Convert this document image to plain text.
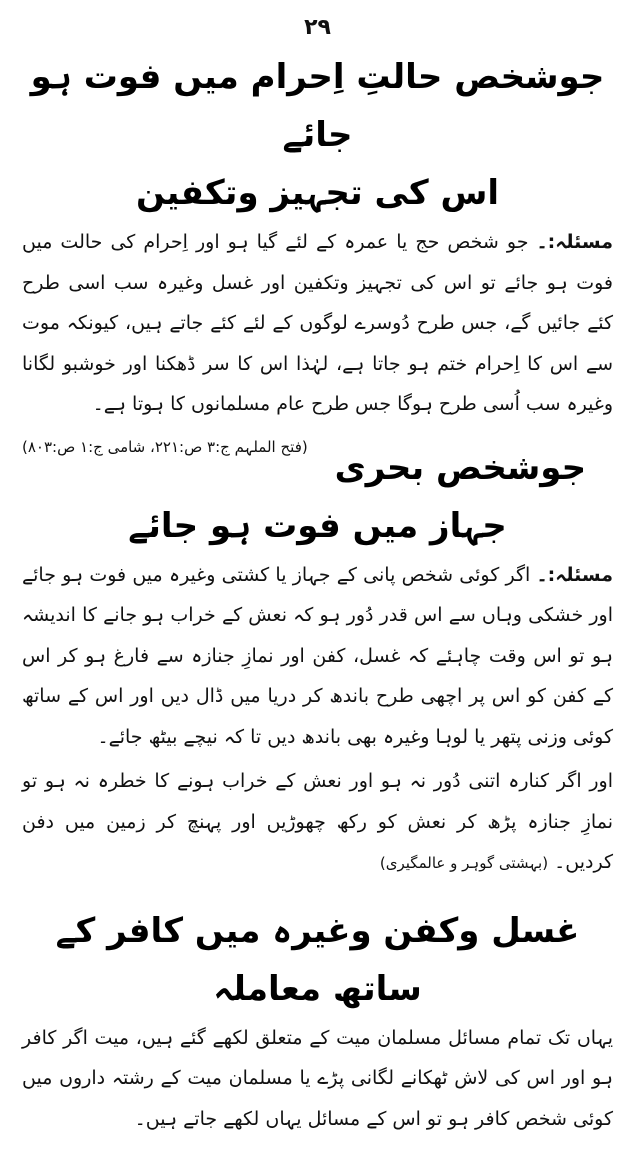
۲۹
جوشخص حالتِ اِحرام میں فوت ہو جائے
اس کی تجہیز وتکفین

مسئلہ:۔ جو شخص حج یا عمرہ کے لئے گیا ہو اور اِحرام کی حالت میں فوت ہو جائے تو اس کی تجہیز وتکفین اور غسل وغیرہ سب اسی طرح کئے جائیں گے، جس طرح دُوسرے لوگوں کے لئے کئے جاتے ہیں، کیونکہ موت سے اس کا اِحرام ختم ہو جاتا ہے، لہٰذا اس کا سر ڈھکنا اور خوشبو لگانا وغیرہ سب اُسی طرح ہوگا جس طرح عام مسلمانوں کا ہوتا ہے۔
(فتح الملہم ج:۳ ص:۲۲۱، شامی ج:۱ ص:۸۰۳)

جوشخص بحری جہاز میں فوت ہو جائے

مسئلہ:۔ اگر کوئی شخص پانی کے جہاز یا کشتی وغیرہ میں فوت ہو جائے اور خشکی وہاں سے اس قدر دُور ہو کہ نعش کے خراب ہو جانے کا اندیشہ ہو تو اس وقت چاہئے کہ غسل، کفن اور نمازِ جنازہ سے فارغ ہو کر اس کے کفن کو اس پر اچھی طرح باندھ کر دریا میں ڈال دیں اور اس کے ساتھ کوئی وزنی پتھر یا لوہا وغیرہ بھی باندھ دیں تا کہ نیچے بیٹھ جائے۔

اور اگر کنارہ اتنی دُور نہ ہو اور نعش کے خراب ہونے کا خطرہ نہ ہو تو نمازِ جنازہ پڑھ کر نعش کو رکھ چھوڑیں اور پہنچ کر زمین میں دفن کردیں۔ (بہشتی گوہر و عالمگیری)

غسل وکفن وغیرہ میں کافر کے ساتھ معاملہ

یہاں تک تمام مسائل مسلمان میت کے متعلق لکھے گئے ہیں، میت اگر کافر ہو اور اس کی لاش ٹھکانے لگانی پڑے یا مسلمان میت کے رشتہ داروں میں کوئی شخص کافر ہو تو اس کے مسائل یہاں لکھے جاتے ہیں۔
